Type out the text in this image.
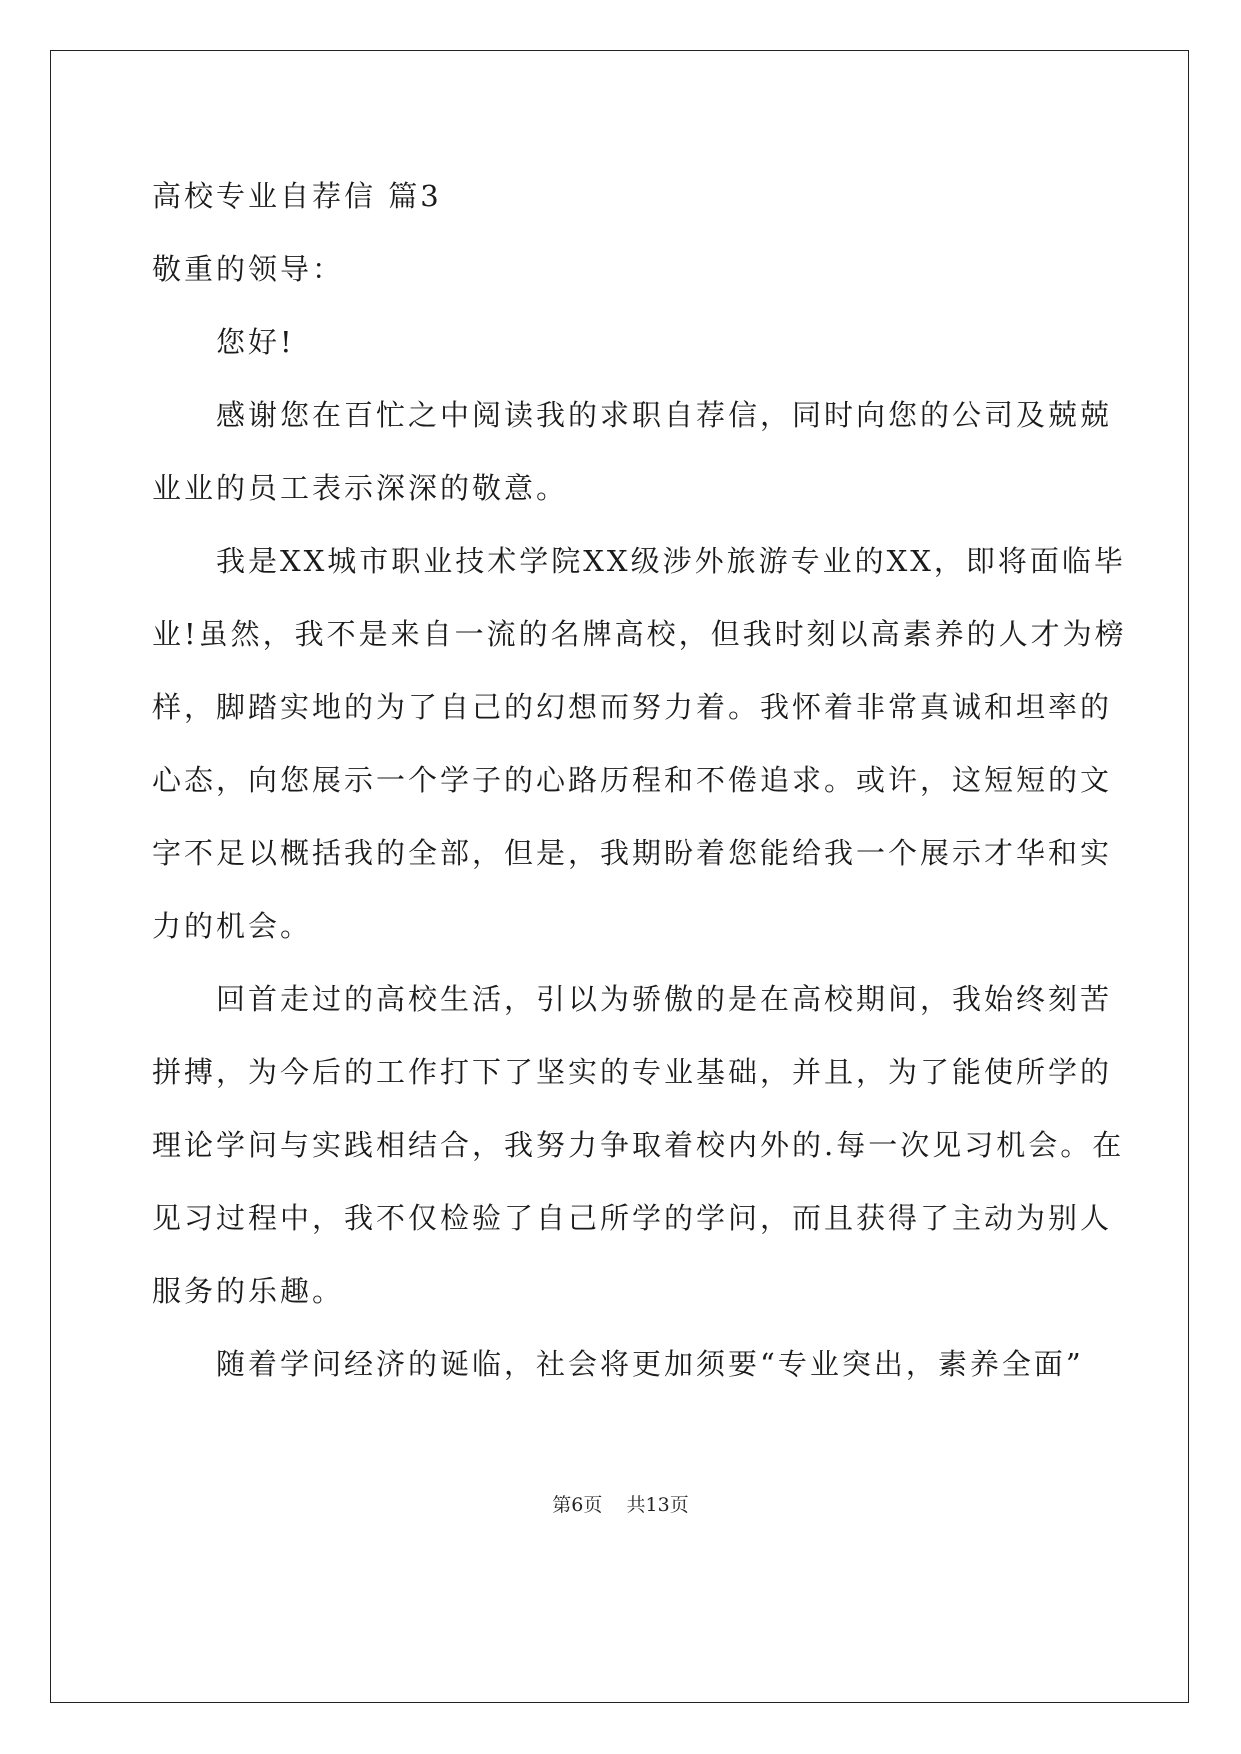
高校专业自荐信 篇3
敬重的领导：
您好!
感谢您在百忙之中阅读我的求职自荐信，同时向您的公司及兢兢
业业的员工表示深深的敬意。
我是XX城市职业技术学院XX级涉外旅游专业的XX，即将面临毕
业!虽然，我不是来自一流的名牌高校，但我时刻以高素养的人才为榜
样，脚踏实地的为了自己的幻想而努力着。我怀着非常真诚和坦率的
心态，向您展示一个学子的心路历程和不倦追求。或许，这短短的文
字不足以概括我的全部，但是，我期盼着您能给我一个展示才华和实
力的机会。
回首走过的高校生活，引以为骄傲的是在高校期间，我始终刻苦
拼搏，为今后的工作打下了坚实的专业基础，并且，为了能使所学的
理论学问与实践相结合，我努力争取着校内外的.每一次见习机会。在
见习过程中，我不仅检验了自己所学的学问，而且获得了主动为别人
服务的乐趣。
随着学问经济的诞临，社会将更加须要“专业突出，素养全面”
第6页 共13页
